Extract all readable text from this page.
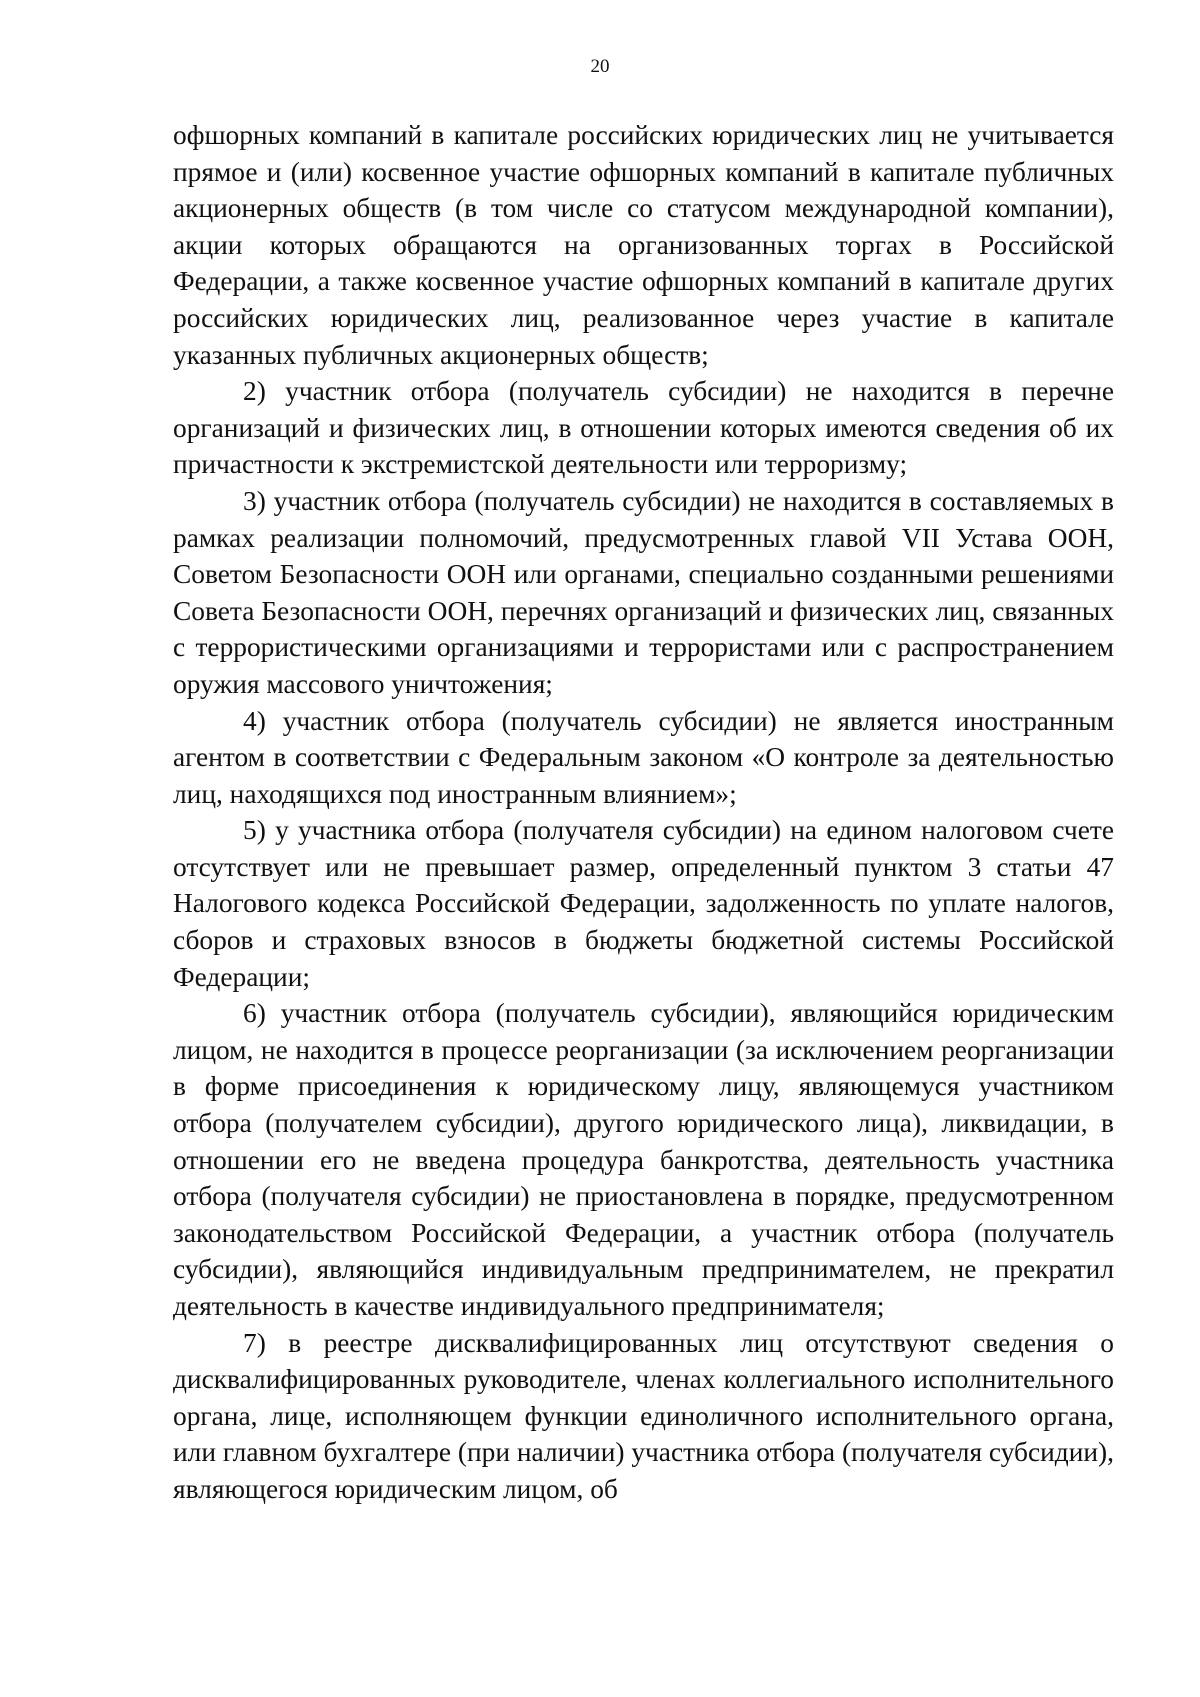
20

офшорных компаний в капитале российских юридических лиц не учитывается прямое и (или) косвенное участие офшорных компаний в капитале публичных акционерных обществ (в том числе со статусом международной компании), акции которых обращаются на организованных торгах в Российской Федерации, а также косвенное участие офшорных компаний в капитале других российских юридических лиц, реализованное через участие в капитале указанных публичных акционерных обществ;

2) участник отбора (получатель субсидии) не находится в перечне организаций и физических лиц, в отношении которых имеются сведения об их причастности к экстремистской деятельности или терроризму;

3) участник отбора (получатель субсидии) не находится в составляемых в рамках реализации полномочий, предусмотренных главой VII Устава ООН, Советом Безопасности ООН или органами, специально созданными решениями Совета Безопасности ООН, перечнях организаций и физических лиц, связанных с террористическими организациями и террористами или с распространением оружия массового уничтожения;

4) участник отбора (получатель субсидии) не является иностранным агентом в соответствии с Федеральным законом «О контроле за деятельностью лиц, находящихся под иностранным влиянием»;

5) у участника отбора (получателя субсидии) на едином налоговом счете отсутствует или не превышает размер, определенный пунктом 3 статьи 47 Налогового кодекса Российской Федерации, задолженность по уплате налогов, сборов и страховых взносов в бюджеты бюджетной системы Российской Федерации;

6) участник отбора (получатель субсидии), являющийся юридическим лицом, не находится в процессе реорганизации (за исключением реорганизации в форме присоединения к юридическому лицу, являющемуся участником отбора (получателем субсидии), другого юридического лица), ликвидации, в отношении его не введена процедура банкротства, деятельность участника отбора (получателя субсидии) не приостановлена в порядке, предусмотренном законодательством Российской Федерации, а участник отбора (получатель субсидии), являющийся индивидуальным предпринимателем, не прекратил деятельность в качестве индивидуального предпринимателя;

7) в реестре дисквалифицированных лиц отсутствуют сведения о дисквалифицированных руководителе, членах коллегиального исполнительного органа, лице, исполняющем функции единоличного исполнительного органа, или главном бухгалтере (при наличии) участника отбора (получателя субсидии), являющегося юридическим лицом, об
